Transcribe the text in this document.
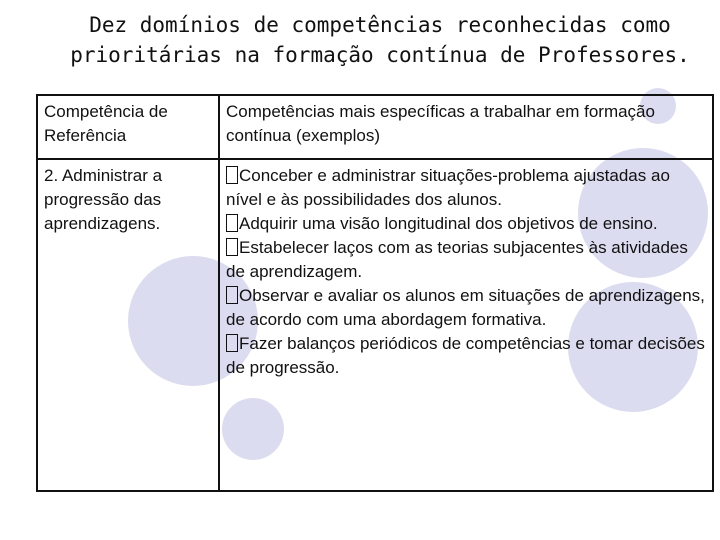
Dez domínios de competências reconhecidas como
prioritárias na formação contínua de Professores.
Competência de Referência	Competências mais específicas a trabalhar em formação contínua (exemplos)
2. Administrar a progressão das aprendizagens.	Conceber e administrar situações-problema ajustadas ao nível e às possibilidades dos alunos.
Adquirir uma visão longitudinal dos objetivos de ensino.
Estabelecer laços com as teorias subjacentes às atividades de aprendizagem.
Observar e avaliar os alunos em situações de aprendizagens, de acordo com uma abordagem formativa.
Fazer balanços periódicos de competências e tomar decisões de progressão.
